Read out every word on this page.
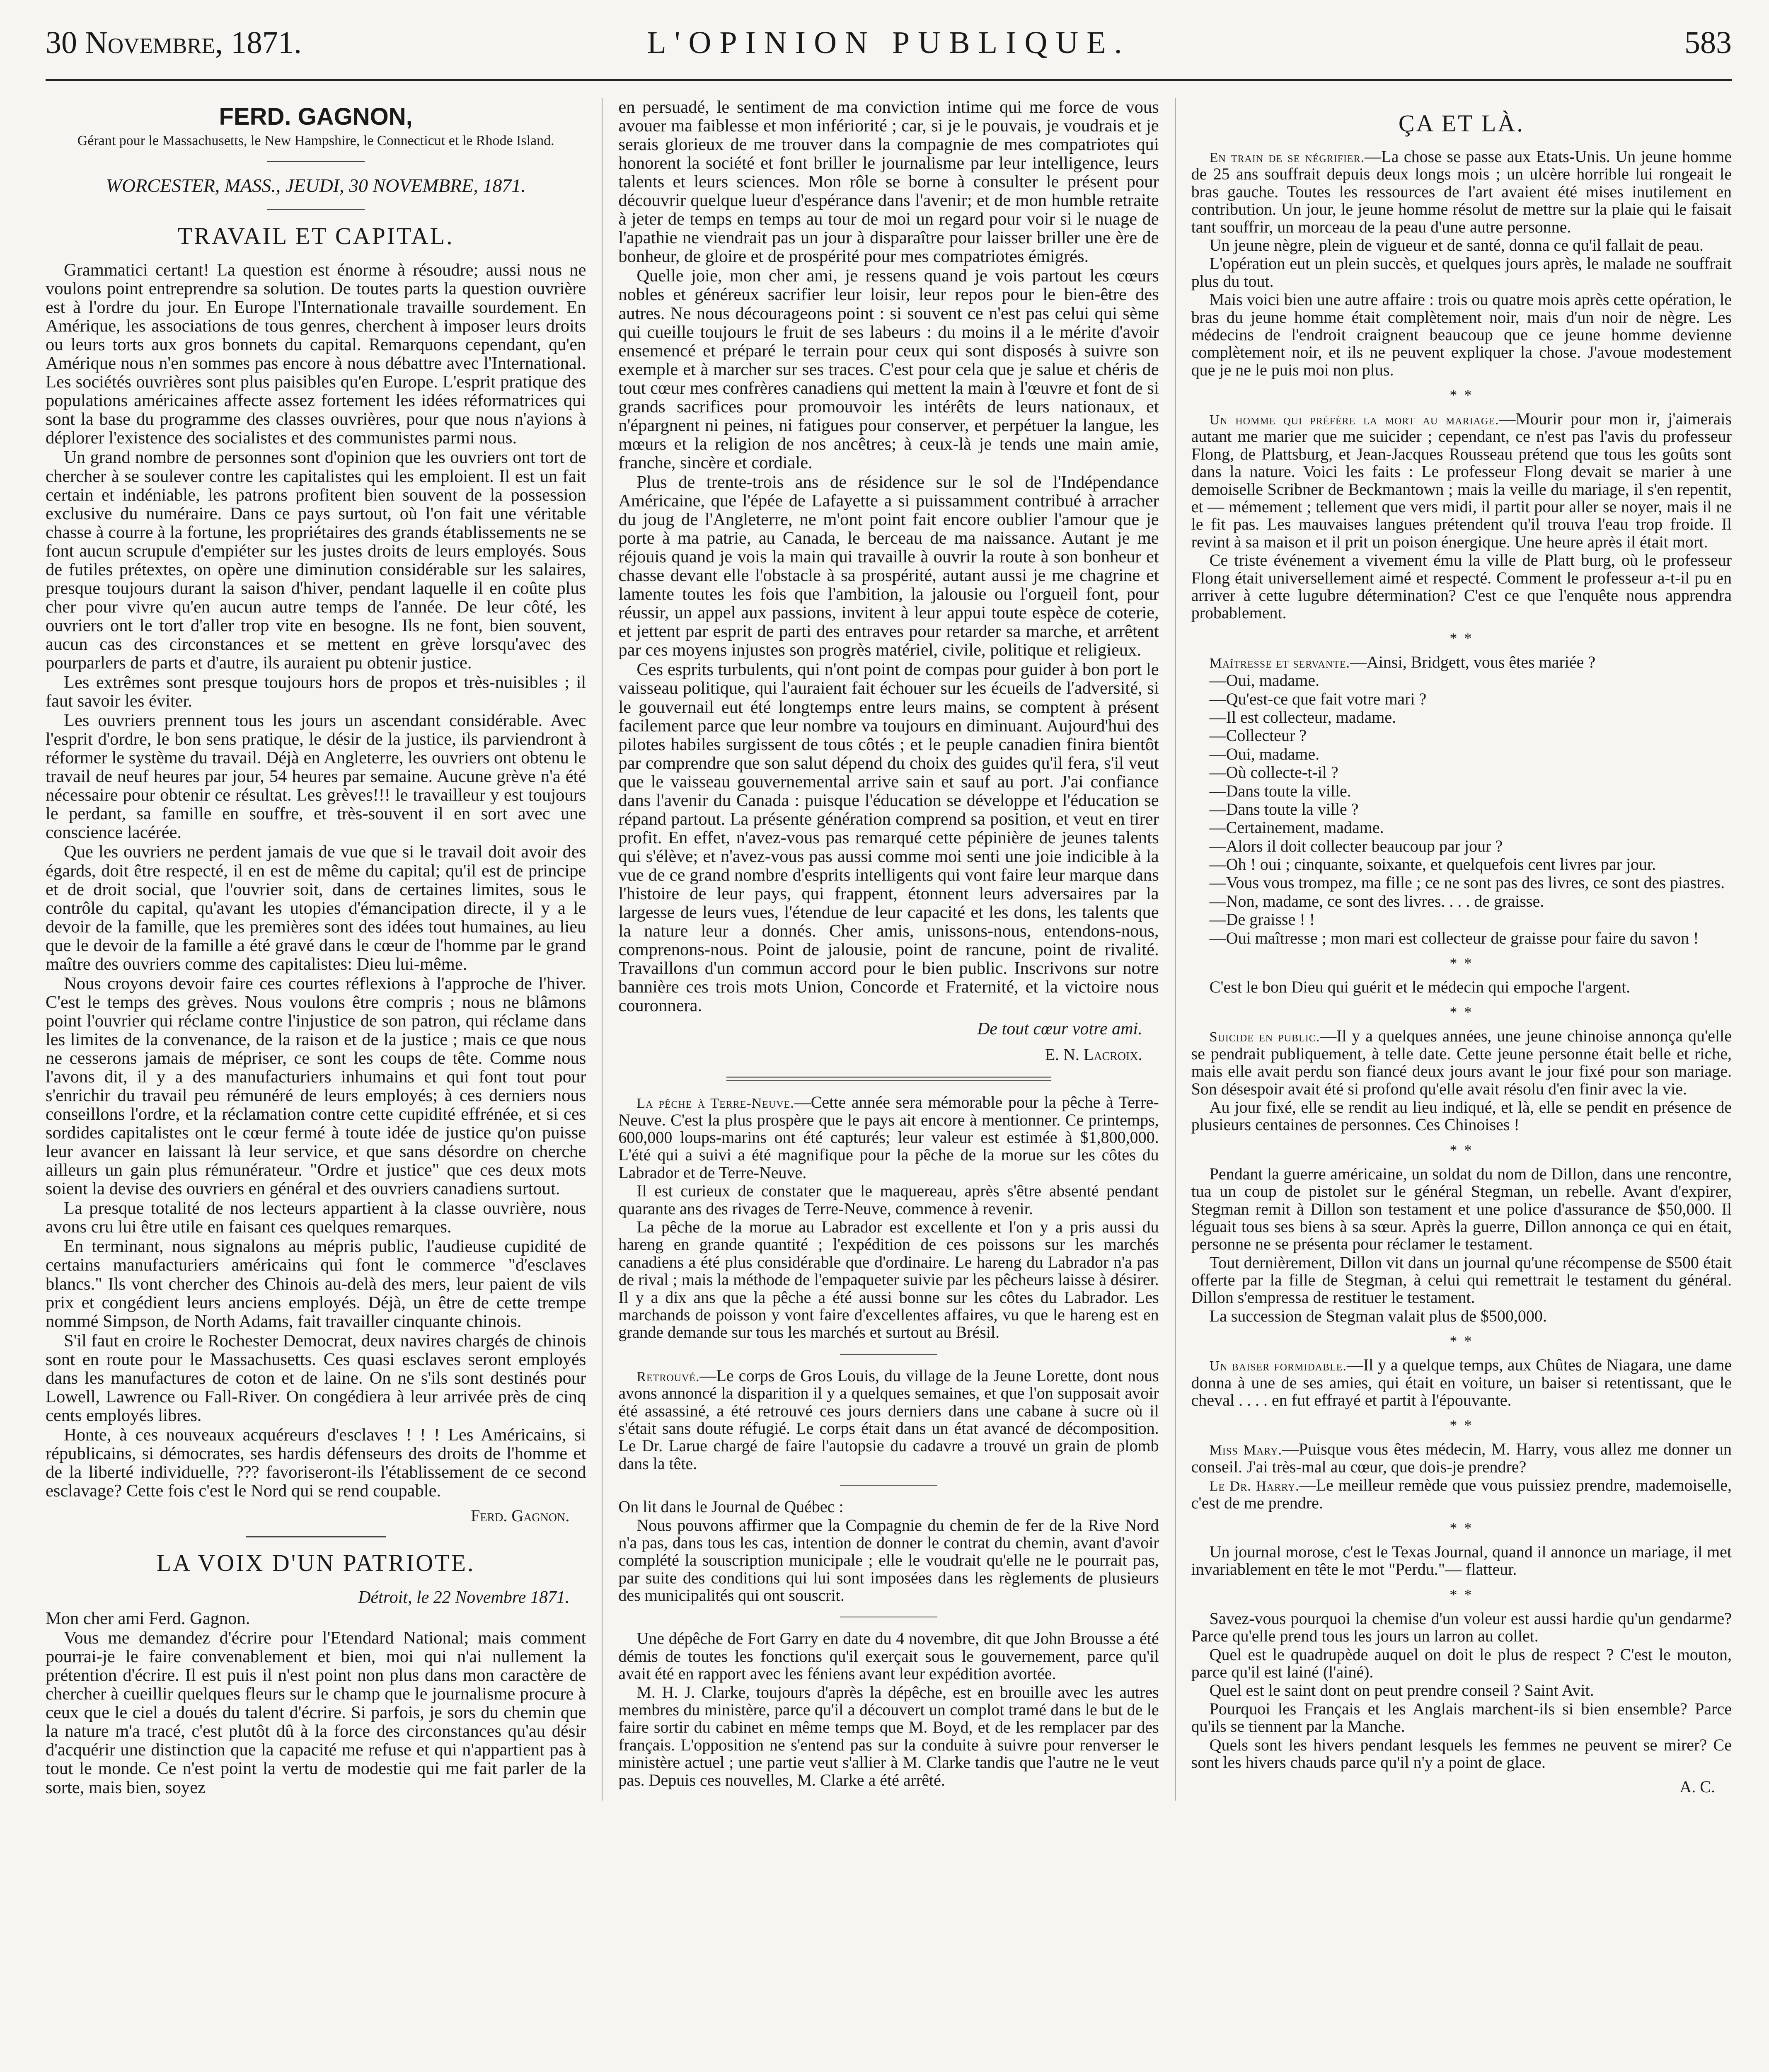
30 Novembre, 1871.	L'OPINION PUBLIQUE.	583
FERD. GAGNON,
Gérant pour le Massachusetts, le New Hampshire, le Connecticut et le Rhode Island.
WORCESTER, MASS., JEUDI, 30 NOVEMBRE, 1871.
TRAVAIL ET CAPITAL.

Grammatici certant! La question est énorme à résoudre; aussi nous ne voulons point entreprendre sa solution. De toutes parts la question ouvrière est à l'ordre du jour. En Europe l'Internationale travaille sourdement. En Amérique, les associations de tous genres, cherchent à imposer leurs droits ou leurs torts aux gros bonnets du capital. Remarquons cependant, qu'en Amérique nous n'en sommes pas encore à nous débattre avec l'International. Les sociétés ouvrières sont plus paisibles qu'en Europe. L'esprit pratique des populations américaines affecte assez fortement les idées réformatrices qui sont la base du programme des classes ouvrières, pour que nous n'ayions à déplorer l'existence des socialistes et des communistes parmi nous.

Un grand nombre de personnes sont d'opinion que les ouvriers ont tort de chercher à se soulever contre les capitalistes qui les emploient. Il est un fait certain et indéniable, les patrons profitent bien souvent de la possession exclusive du numéraire. Dans ce pays surtout, où l'on fait une véritable chasse à courre à la fortune, les propriétaires des grands établissements ne se font aucun scrupule d'empiéter sur les justes droits de leurs employés. Sous de futiles prétextes, on opère une diminution considérable sur les salaires, presque toujours durant la saison d'hiver, pendant laquelle il en coûte plus cher pour vivre qu'en aucun autre temps de l'année. De leur côté, les ouvriers ont le tort d'aller trop vite en besogne. Ils ne font, bien souvent, aucun cas des circonstances et se mettent en grève lorsqu'avec des pourparlers de parts et d'autre, ils auraient pu obtenir justice.

Les extrêmes sont presque toujours hors de propos et très-nuisibles ; il faut savoir les éviter.

Les ouvriers prennent tous les jours un ascendant considérable. Avec l'esprit d'ordre, le bon sens pratique, le désir de la justice, ils parviendront à réformer le système du travail. Déjà en Angleterre, les ouvriers ont obtenu le travail de neuf heures par jour, 54 heures par semaine. Aucune grève n'a été nécessaire pour obtenir ce résultat. Les grèves!!! le travailleur y est toujours le perdant, sa famille en souffre, et très-souvent il en sort avec une conscience lacérée.

Que les ouvriers ne perdent jamais de vue que si le travail doit avoir des égards, doit être respecté, il en est de même du capital; qu'il est de principe et de droit social, que l'ouvrier soit, dans de certaines limites, sous le contrôle du capital, qu'avant les utopies d'émancipation directe, il y a le devoir de la famille, que les premières sont des idées tout humaines, au lieu que le devoir de la famille a été gravé dans le cœur de l'homme par le grand maître des ouvriers comme des capitalistes: Dieu lui-même.

Nous croyons devoir faire ces courtes réflexions à l'approche de l'hiver. C'est le temps des grèves. Nous voulons être compris ; nous ne blâmons point l'ouvrier qui réclame contre l'injustice de son patron, qui réclame dans les limites de la convenance, de la raison et de la justice ; mais ce que nous ne cesserons jamais de mépriser, ce sont les coups de tête. Comme nous l'avons dit, il y a des manufacturiers inhumains et qui font tout pour s'enrichir du travail peu rémunéré de leurs employés; à ces derniers nous conseillons l'ordre, et la réclamation contre cette cupidité effrénée, et si ces sordides capitalistes ont le cœur fermé à toute idée de justice qu'on puisse leur avancer en laissant là leur service, et que sans désordre on cherche ailleurs un gain plus rémunérateur. "Ordre et justice" que ces deux mots soient la devise des ouvriers en général et des ouvriers canadiens surtout.

La presque totalité de nos lecteurs appartient à la classe ouvrière, nous avons cru lui être utile en faisant ces quelques remarques.

En terminant, nous signalons au mépris public, l'audieuse cupidité de certains manufacturiers américains qui font le commerce "d'esclaves blancs." Ils vont chercher des Chinois au-delà des mers, leur paient de vils prix et congédient leurs anciens employés. Déjà, un être de cette trempe nommé Simpson, de North Adams, fait travailler cinquante chinois.

S'il faut en croire le Rochester Democrat, deux navires chargés de chinois sont en route pour le Massachusetts. Ces quasi esclaves seront employés dans les manufactures de coton et de laine. On ne s'ils sont destinés pour Lowell, Lawrence ou Fall-River. On congédiera à leur arrivée près de cinq cents employés libres.

Honte, à ces nouveaux acquéreurs d'esclaves ! ! ! Les Américains, si républicains, si démocrates, ses hardis défenseurs des droits de l'homme et de la liberté individuelle, ??? favoriseront-ils l'établissement de ce second esclavage? Cette fois c'est le Nord qui se rend coupable.

Ferd. Gagnon.
LA VOIX D'UN PATRIOTE.
Détroit, le 22 Novembre 1871.

Mon cher ami Ferd. Gagnon.

Vous me demandez d'écrire pour l'Etendard National; mais comment pourrai-je le faire convenablement et bien, moi qui n'ai nullement la prétention d'écrire. Il est puis il n'est point non plus dans mon caractère de chercher à cueillir quelques fleurs sur le champ que le journalisme procure à ceux que le ciel a doués du talent d'écrire. Si parfois, je sors du chemin que la nature m'a tracé, c'est plutôt dû à la force des circonstances qu'au désir d'acquérir une distinction que la capacité me refuse et qui n'appartient pas à tout le monde. Ce n'est point la vertu de modestie qui me fait parler de la sorte, mais bien, soyez

en persuadé, le sentiment de ma conviction intime qui me force de vous avouer ma faiblesse et mon infériorité ; car, si je le pouvais, je voudrais et je serais glorieux de me trouver dans la compagnie de mes compatriotes qui honorent la société et font briller le journalisme par leur intelligence, leurs talents et leurs sciences. Mon rôle se borne à consulter le présent pour découvrir quelque lueur d'espérance dans l'avenir; et de mon humble retraite à jeter de temps en temps au tour de moi un regard pour voir si le nuage de l'apathie ne viendrait pas un jour à disparaître pour laisser briller une ère de bonheur, de gloire et de prospérité pour mes compatriotes émigrés.

Quelle joie, mon cher ami, je ressens quand je vois partout les cœurs nobles et généreux sacrifier leur loisir, leur repos pour le bien-être des autres. Ne nous décourageons point : si souvent ce n'est pas celui qui sème qui cueille toujours le fruit de ses labeurs : du moins il a le mérite d'avoir ensemencé et préparé le terrain pour ceux qui sont disposés à suivre son exemple et à marcher sur ses traces. C'est pour cela que je salue et chéris de tout cœur mes confrères canadiens qui mettent la main à l'œuvre et font de si grands sacrifices pour promouvoir les intérêts de leurs nationaux, et n'épargnent ni peines, ni fatigues pour conserver, et perpétuer la langue, les mœurs et la religion de nos ancêtres; à ceux-là je tends une main amie, franche, sincère et cordiale.

Plus de trente-trois ans de résidence sur le sol de l'Indépendance Américaine, que l'épée de Lafayette a si puissamment contribué à arracher du joug de l'Angleterre, ne m'ont point fait encore oublier l'amour que je porte à ma patrie, au Canada, le berceau de ma naissance. Autant je me réjouis quand je vois la main qui travaille à ouvrir la route à son bonheur et chasse devant elle l'obstacle à sa prospérité, autant aussi je me chagrine et lamente toutes les fois que l'ambition, la jalousie ou l'orgueil font, pour réussir, un appel aux passions, invitent à leur appui toute espèce de coterie, et jettent par esprit de parti des entraves pour retarder sa marche, et arrêtent par ces moyens injustes son progrès matériel, civile, politique et religieux.

Ces esprits turbulents, qui n'ont point de compas pour guider à bon port le vaisseau politique, qui l'auraient fait échouer sur les écueils de l'adversité, si le gouvernail eut été longtemps entre leurs mains, se comptent à présent facilement parce que leur nombre va toujours en diminuant. Aujourd'hui des pilotes habiles surgissent de tous côtés ; et le peuple canadien finira bientôt par comprendre que son salut dépend du choix des guides qu'il fera, s'il veut que le vaisseau gouvernemental arrive sain et sauf au port. J'ai confiance dans l'avenir du Canada : puisque l'éducation se développe et l'éducation se répand partout. La présente génération comprend sa position, et veut en tirer profit. En effet, n'avez-vous pas remarqué cette pépinière de jeunes talents qui s'élève; et n'avez-vous pas aussi comme moi senti une joie indicible à la vue de ce grand nombre d'esprits intelligents qui vont faire leur marque dans l'histoire de leur pays, qui frappent, étonnent leurs adversaires par la largesse de leurs vues, l'étendue de leur capacité et les dons, les talents que la nature leur a donnés. Cher amis, unissons-nous, entendons-nous, comprenons-nous. Point de jalousie, point de rancune, point de rivalité. Travaillons d'un commun accord pour le bien public. Inscrivons sur notre bannière ces trois mots Union, Concorde et Fraternité, et la victoire nous couronnera.

De tout cœur votre ami.
E. N. Lacroix.

La pêche à Terre-Neuve.—Cette année sera mémorable pour la pêche à Terre-Neuve. C'est la plus prospère que le pays ait encore à mentionner. Ce printemps, 600,000 loups-marins ont été capturés; leur valeur est estimée à $1,800,000. L'été qui a suivi a été magnifique pour la pêche de la morue sur les côtes du Labrador et de Terre-Neuve.

Il est curieux de constater que le maquereau, après s'être absenté pendant quarante ans des rivages de Terre-Neuve, commence à revenir.

La pêche de la morue au Labrador est excellente et l'on y a pris aussi du hareng en grande quantité ; l'expédition de ces poissons sur les marchés canadiens a été plus considérable que d'ordinaire. Le hareng du Labrador n'a pas de rival ; mais la méthode de l'empaqueter suivie par les pêcheurs laisse à désirer. Il y a dix ans que la pêche a été aussi bonne sur les côtes du Labrador. Les marchands de poisson y vont faire d'excellentes affaires, vu que le hareng est en grande demande sur tous les marchés et surtout au Brésil.

Retrouvé.—Le corps de Gros Louis, du village de la Jeune Lorette, dont nous avons annoncé la disparition il y a quelques semaines, et que l'on supposait avoir été assassiné, a été retrouvé ces jours derniers dans une cabane à sucre où il s'était sans doute réfugié. Le corps était dans un état avancé de décomposition. Le Dr. Larue chargé de faire l'autopsie du cadavre a trouvé un grain de plomb dans la tête.

On lit dans le Journal de Québec :

Nous pouvons affirmer que la Compagnie du chemin de fer de la Rive Nord n'a pas, dans tous les cas, intention de donner le contrat du chemin, avant d'avoir complété la souscription municipale ; elle le voudrait qu'elle ne le pourrait pas, par suite des conditions qui lui sont imposées dans les règlements de plusieurs des municipalités qui ont souscrit.

Une dépêche de Fort Garry en date du 4 novembre, dit que John Brousse a été démis de toutes les fonctions qu'il exerçait sous le gouvernement, parce qu'il avait été en rapport avec les féniens avant leur expédition avortée.

M. H. J. Clarke, toujours d'après la dépêche, est en brouille avec les autres membres du ministère, parce qu'il a découvert un complot tramé dans le but de le faire sortir du cabinet en même temps que M. Boyd, et de les remplacer par des français. L'opposition ne s'entend pas sur la conduite à suivre pour renverser le ministère actuel ; une partie veut s'allier à M. Clarke tandis que l'autre ne le veut pas. Depuis ces nouvelles, M. Clarke a été arrêté.

ÇA ET LÀ.

En train de se négrifier.—La chose se passe aux Etats-Unis. Un jeune homme de 25 ans souffrait depuis deux longs mois ; un ulcère horrible lui rongeait le bras gauche. Toutes les ressources de l'art avaient été mises inutilement en contribution. Un jour, le jeune homme résolut de mettre sur la plaie qui le faisait tant souffrir, un morceau de la peau d'une autre personne.

Un jeune nègre, plein de vigueur et de santé, donna ce qu'il fallait de peau.

L'opération eut un plein succès, et quelques jours après, le malade ne souffrait plus du tout.

Mais voici bien une autre affaire : trois ou quatre mois après cette opération, le bras du jeune homme était complètement noir, mais d'un noir de nègre. Les médecins de l'endroit craignent beaucoup que ce jeune homme devienne complètement noir, et ils ne peuvent expliquer la chose. J'avoue modestement que je ne le puis moi non plus.

* *

Un homme qui préfère la mort au mariage.—Mourir pour mon ir, j'aimerais autant me marier que me suicider ; cependant, ce n'est pas l'avis du professeur Flong, de Plattsburg, et Jean-Jacques Rousseau prétend que tous les goûts sont dans la nature. Voici les faits : Le professeur Flong devait se marier à une demoiselle Scribner de Beckmantown ; mais la veille du mariage, il s'en repentit, et — mémement ; tellement que vers midi, il partit pour aller se noyer, mais il ne le fit pas. Les mauvaises langues prétendent qu'il trouva l'eau trop froide. Il revint à sa maison et il prit un poison énergique. Une heure après il était mort.

Ce triste événement a vivement ému la ville de Platt burg, où le professeur Flong était universellement aimé et respecté. Comment le professeur a-t-il pu en arriver à cette lugubre détermination? C'est ce que l'enquête nous apprendra probablement.

* *

Maîtresse et servante.—Ainsi, Bridgett, vous êtes mariée ?

—Oui, madame.

—Qu'est-ce que fait votre mari ?

—Il est collecteur, madame.

—Collecteur ?

—Oui, madame.

—Où collecte-t-il ?

—Dans toute la ville.

—Dans toute la ville ?

—Certainement, madame.

—Alors il doit collecter beaucoup par jour ?

—Oh ! oui ; cinquante, soixante, et quelquefois cent livres par jour.

—Vous vous trompez, ma fille ; ce ne sont pas des livres, ce sont des piastres.

—Non, madame, ce sont des livres. . . . de graisse.

—De graisse ! !

—Oui maîtresse ; mon mari est collecteur de graisse pour faire du savon !

* *

C'est le bon Dieu qui guérit et le médecin qui empoche l'argent.

* *

Suicide en public.—Il y a quelques années, une jeune chinoise annonça qu'elle se pendrait publiquement, à telle date. Cette jeune personne était belle et riche, mais elle avait perdu son fiancé deux jours avant le jour fixé pour son mariage. Son désespoir avait été si profond qu'elle avait résolu d'en finir avec la vie.

Au jour fixé, elle se rendit au lieu indiqué, et là, elle se pendit en présence de plusieurs centaines de personnes. Ces Chinoises !

* *

Pendant la guerre américaine, un soldat du nom de Dillon, dans une rencontre, tua un coup de pistolet sur le général Stegman, un rebelle. Avant d'expirer, Stegman remit à Dillon son testament et une police d'assurance de $50,000. Il léguait tous ses biens à sa sœur. Après la guerre, Dillon annonça ce qui en était, personne ne se présenta pour réclamer le testament.

Tout dernièrement, Dillon vit dans un journal qu'une récompense de $500 était offerte par la fille de Stegman, à celui qui remettrait le testament du général. Dillon s'empressa de restituer le testament.

La succession de Stegman valait plus de $500,000.

* *

Un baiser formidable.—Il y a quelque temps, aux Chûtes de Niagara, une dame donna à une de ses amies, qui était en voiture, un baiser si retentissant, que le cheval . . . . en fut effrayé et partit à l'épouvante.

* *

Miss Mary.—Puisque vous êtes médecin, M. Harry, vous allez me donner un conseil. J'ai très-mal au cœur, que dois-je prendre?

Le Dr. Harry.—Le meilleur remède que vous puissiez prendre, mademoiselle, c'est de me prendre.

* *

Un journal morose, c'est le Texas Journal, quand il annonce un mariage, il met invariablement en tête le mot "Perdu."— flatteur.

* *

Savez-vous pourquoi la chemise d'un voleur est aussi hardie qu'un gendarme? Parce qu'elle prend tous les jours un larron au collet.

Quel est le quadrupède auquel on doit le plus de respect ? C'est le mouton, parce qu'il est lainé (l'ainé).

Quel est le saint dont on peut prendre conseil ? Saint Avit.

Pourquoi les Français et les Anglais marchent-ils si bien ensemble? Parce qu'ils se tiennent par la Manche.

Quels sont les hivers pendant lesquels les femmes ne peuvent se mirer? Ce sont les hivers chauds parce qu'il n'y a point de glace.

A. C.
